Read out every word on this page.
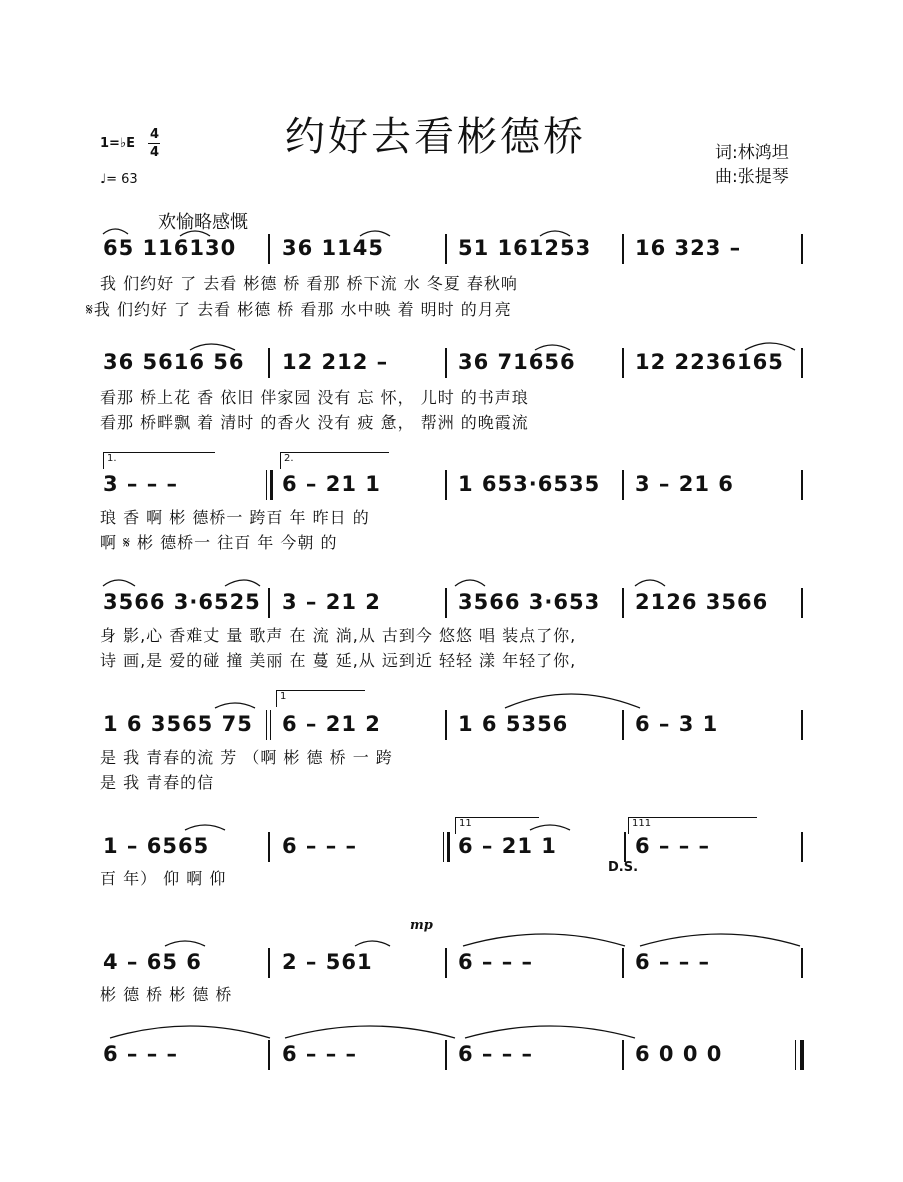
1=♭E
4
4
♩= 63
约好去看彬德桥	词:林鸿坦
曲:张提琴
欢愉略感慨
65 116130 36 1145	51 161253 16 323 –
我 们约好 了 去看 彬德 桥 看那 桥下流 水 冬夏 春秋响
𝄋我 们约好 了 去看 彬德 桥 看那 水中映 着 明时 的月亮
36 5616 56 12 212 –	36 71656	12 2236165
看那 桥上花 香 依旧 伴家园 没有 忘 怀， 儿时 的书声琅
看那 桥畔飘 着 清时 的香火 没有 疲 惫， 帮洲 的晚霞流
1.	2.
3 – – –	6 – 21 1	1 653·6535 3 – 21 6
琅 香 啊 彬 德桥一 跨百 年 昨日 的
啊 𝄋 彬 德桥一 往百 年 今朝 的
3566 3·6525 3 – 21 2	3566 3·653 2126 3566
身 影,心 香难丈 量 歌声 在 流 淌,从 古到今 悠悠 唱 装点了你,
诗 画,是 爱的碰 撞 美丽 在 蔓 延,从 远到近 轻轻 漾 年轻了你,
1
1 6 3565 75 6 – 21 2	1 6 5356	6 – 3 1
是 我 青春的流 芳 （啊 彬 德 桥 一 跨
是 我 青春的信
11	111
1 – 6565	6 – – –	6 – 21 1	6 – – –
百 年） 仰 啊 仰
D.S.
mp
4 – 65 6	2 – 561	6 – – –	6 – – –
彬 德 桥 彬 德 桥
6 – – –	6 – – –	6 – – –	6 0 0 0
